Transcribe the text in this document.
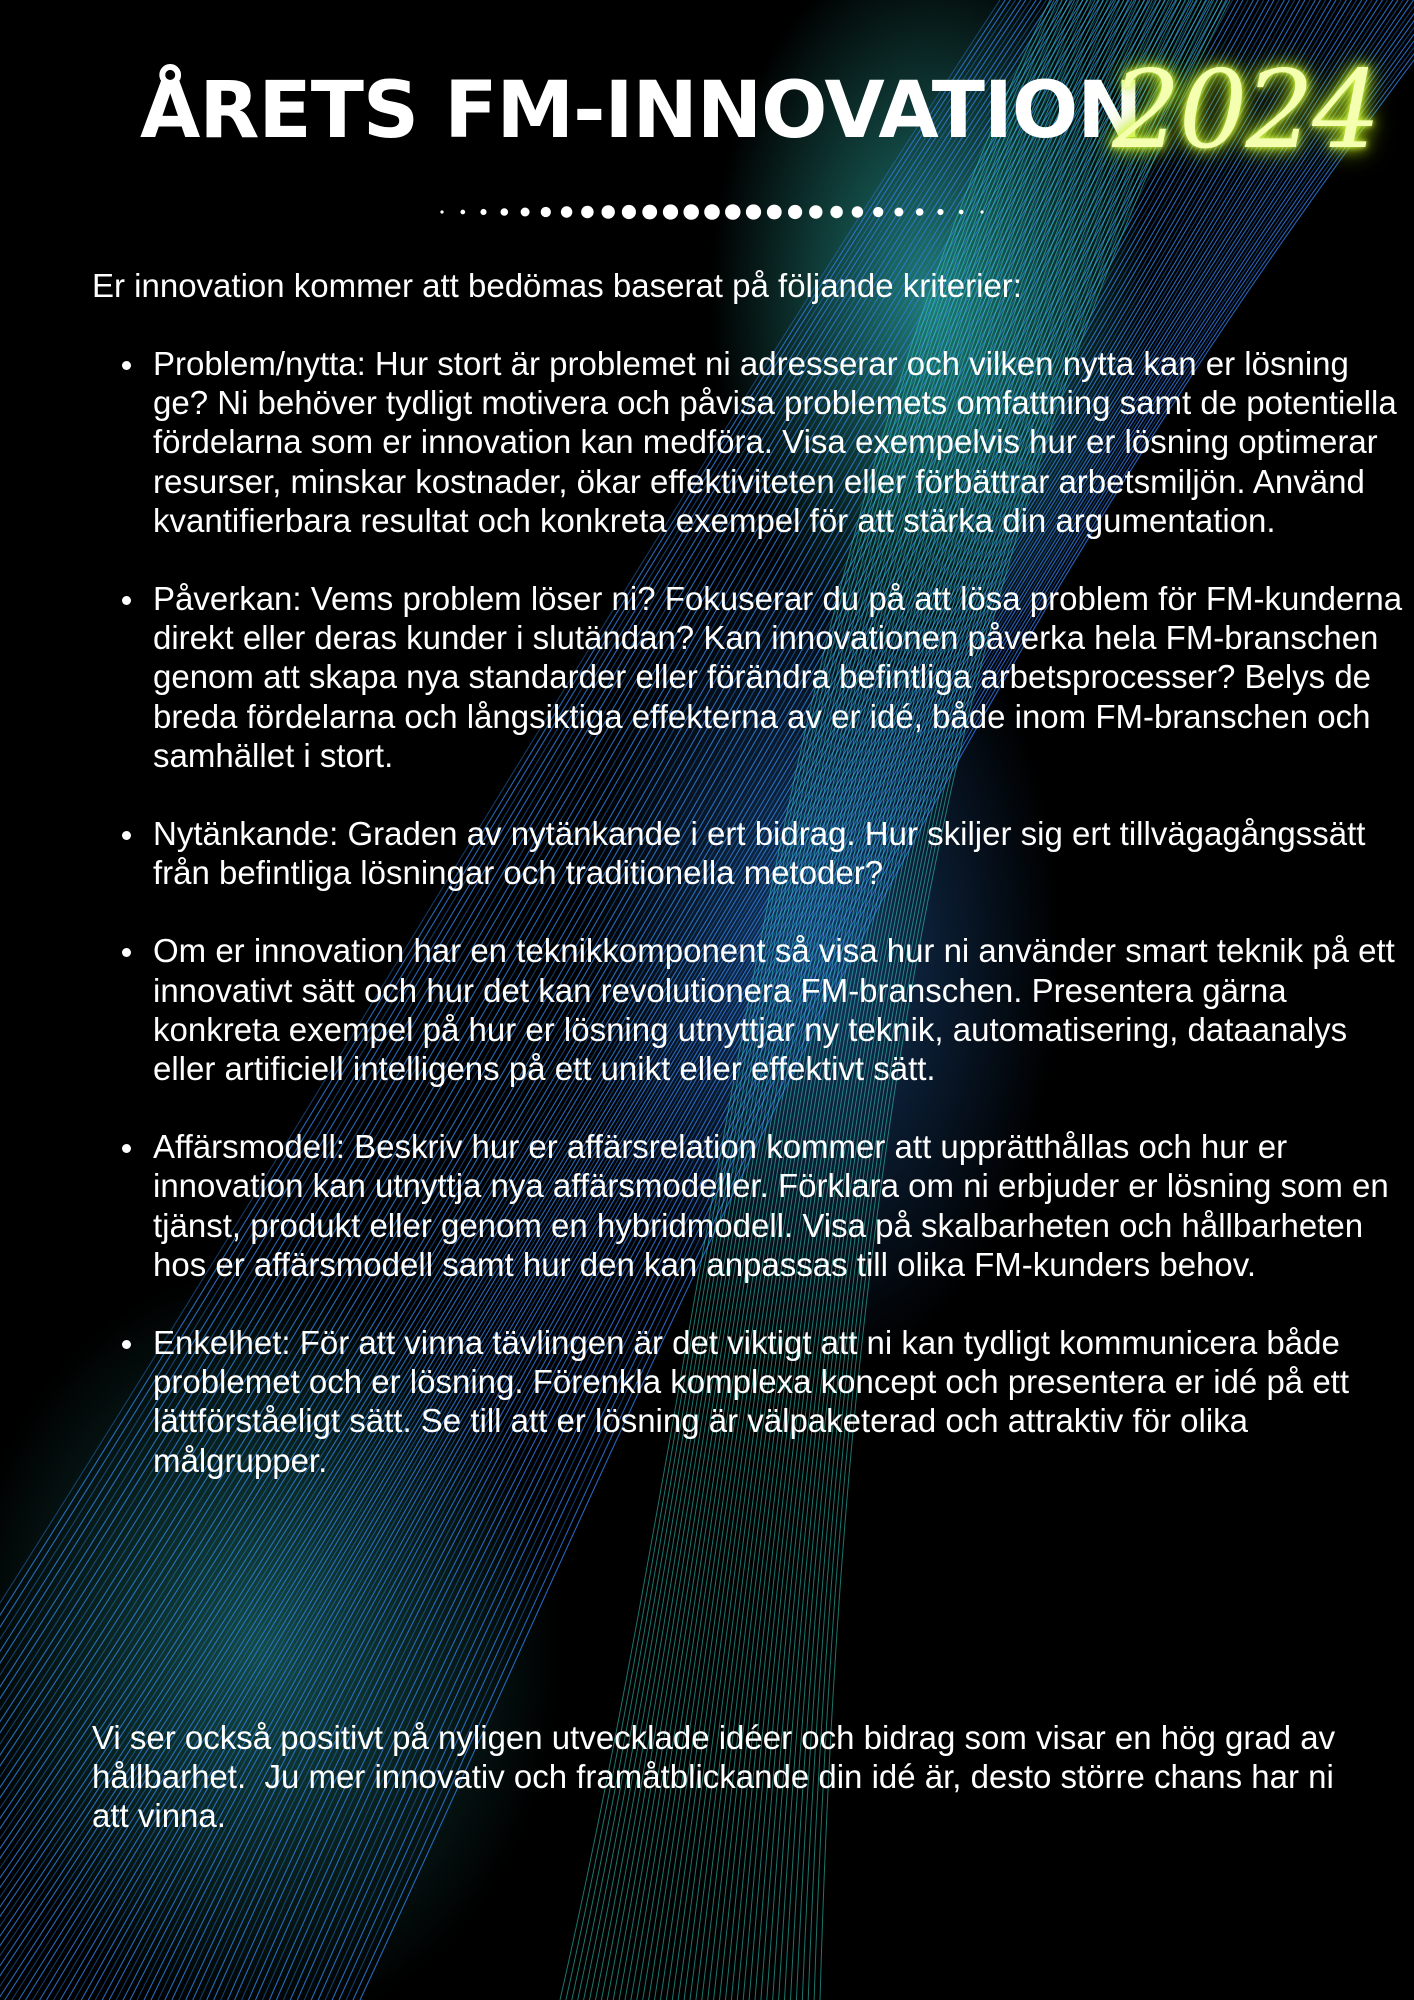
ÅRETS FM-INNOVATION
2024

Er innovation kommer att bedömas baserat på följande kriterier:

Problem/nytta: Hur stort är problemet ni adresserar och vilken nytta kan er lösning ge? Ni behöver tydligt motivera och påvisa problemets omfattning samt de potentiella fördelarna som er innovation kan medföra. Visa exempelvis hur er lösning optimerar resurser, minskar kostnader, ökar effektiviteten eller förbättrar arbetsmiljön. Använd kvantifierbara resultat och konkreta exempel för att stärka din argumentation.
Påverkan: Vems problem löser ni? Fokuserar du på att lösa problem för FM-kunderna direkt eller deras kunder i slutändan? Kan innovationen påverka hela FM-branschen genom att skapa nya standarder eller förändra befintliga arbetsprocesser? Belys de breda fördelarna och långsiktiga effekterna av er idé, både inom FM-branschen och samhället i stort.
Nytänkande: Graden av nytänkande i ert bidrag. Hur skiljer sig ert tillvägagångssätt från befintliga lösningar och traditionella metoder?
Om er innovation har en teknikkomponent så visa hur ni använder smart teknik på ett innovativt sätt och hur det kan revolutionera FM-branschen. Presentera gärna konkreta exempel på hur er lösning utnyttjar ny teknik, automatisering, dataanalys eller artificiell intelligens på ett unikt eller effektivt sätt.
Affärsmodell: Beskriv hur er affärsrelation kommer att upprätthållas och hur er innovation kan utnyttja nya affärsmodeller. Förklara om ni erbjuder er lösning som en tjänst, produkt eller genom en hybridmodell. Visa på skalbarheten och hållbarheten hos er affärsmodell samt hur den kan anpassas till olika FM-kunders behov.
Enkelhet: För att vinna tävlingen är det viktigt att ni kan tydligt kommunicera både problemet och er lösning. Förenkla komplexa koncept och presentera er idé på ett lättförståeligt sätt. Se till att er lösning är välpaketerad och attraktiv för olika målgrupper.

Vi ser också positivt på nyligen utvecklade idéer och bidrag som visar en hög grad av hållbarhet.  Ju mer innovativ och framåtblickande din idé är, desto större chans har ni att vinna.
